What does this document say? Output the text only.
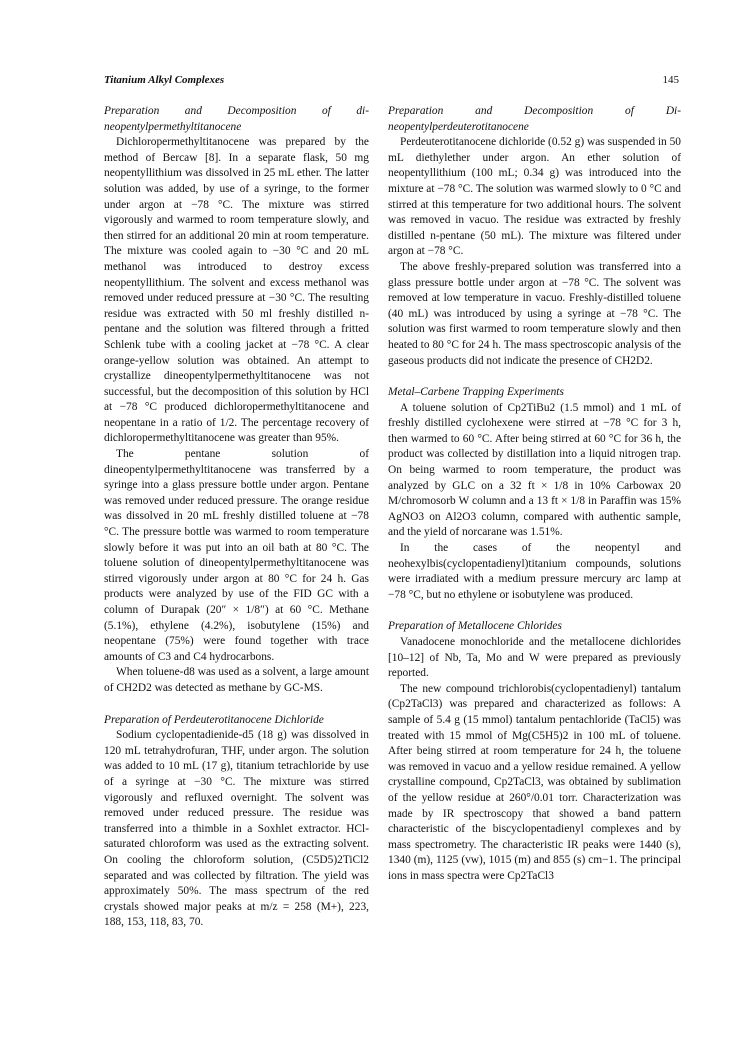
Titanium Alkyl Complexes	145

Preparation and Decomposition of di-neopentylpermethyltitanocene

Dichloropermethyltitanocene was prepared by the method of Bercaw [8]. In a separate flask, 50 mg neopentyllithium was dissolved in 25 mL ether. The latter solution was added, by use of a syringe, to the former under argon at −78 °C. The mixture was stirred vigorously and warmed to room temperature slowly, and then stirred for an additional 20 min at room temperature. The mixture was cooled again to −30 °C and 20 mL methanol was introduced to destroy excess neopentyllithium. The solvent and excess methanol was removed under reduced pressure at −30 °C. The resulting residue was extracted with 50 ml freshly distilled n-pentane and the solution was filtered through a fritted Schlenk tube with a cooling jacket at −78 °C. A clear orange-yellow solution was obtained. An attempt to crystallize dineopentylpermethyltitanocene was not successful, but the decomposition of this solution by HCl at −78 °C produced dichloropermethyltitanocene and neopentane in a ratio of 1/2. The percentage recovery of dichloropermethyltitanocene was greater than 95%.

The pentane solution of dineopentylpermethyltitanocene was transferred by a syringe into a glass pressure bottle under argon. Pentane was removed under reduced pressure. The orange residue was dissolved in 20 mL freshly distilled toluene at −78 °C. The pressure bottle was warmed to room temperature slowly before it was put into an oil bath at 80 °C. The toluene solution of dineopentylpermethyltitanocene was stirred vigorously under argon at 80 °C for 24 h. Gas products were analyzed by use of the FID GC with a column of Durapak (20″ × 1/8″) at 60 °C. Methane (5.1%), ethylene (4.2%), isobutylene (15%) and neopentane (75%) were found together with trace amounts of C3 and C4 hydrocarbons.

When toluene-d8 was used as a solvent, a large amount of CH2D2 was detected as methane by GC-MS.

Preparation of Perdeuterotitanocene Dichloride

Sodium cyclopentadienide-d5 (18 g) was dissolved in 120 mL tetrahydrofuran, THF, under argon. The solution was added to 10 mL (17 g), titanium tetrachloride by use of a syringe at −30 °C. The mixture was stirred vigorously and refluxed overnight. The solvent was removed under reduced pressure. The residue was transferred into a thimble in a Soxhlet extractor. HCl-saturated chloroform was used as the extracting solvent. On cooling the chloroform solution, (C5D5)2TiCl2 separated and was collected by filtration. The yield was approximately 50%. The mass spectrum of the red crystals showed major peaks at m/z = 258 (M+), 223, 188, 153, 118, 83, 70.

Preparation and Decomposition of Di-neopentylperdeuterotitanocene

Perdeuterotitanocene dichloride (0.52 g) was suspended in 50 mL diethylether under argon. An ether solution of neopentyllithium (100 mL; 0.34 g) was introduced into the mixture at −78 °C. The solution was warmed slowly to 0 °C and stirred at this temperature for two additional hours. The solvent was removed in vacuo. The residue was extracted by freshly distilled n-pentane (50 mL). The mixture was filtered under argon at −78 °C.

The above freshly-prepared solution was transferred into a glass pressure bottle under argon at −78 °C. The solvent was removed at low temperature in vacuo. Freshly-distilled toluene (40 mL) was introduced by using a syringe at −78 °C. The solution was first warmed to room temperature slowly and then heated to 80 °C for 24 h. The mass spectroscopic analysis of the gaseous products did not indicate the presence of CH2D2.

Metal–Carbene Trapping Experiments

A toluene solution of Cp2TiBu2 (1.5 mmol) and 1 mL of freshly distilled cyclohexene were stirred at −78 °C for 3 h, then warmed to 60 °C. After being stirred at 60 °C for 36 h, the product was collected by distillation into a liquid nitrogen trap. On being warmed to room temperature, the product was analyzed by GLC on a 32 ft × 1/8 in 10% Carbowax 20 M/chromosorb W column and a 13 ft × 1/8 in Paraffin was 15% AgNO3 on Al2O3 column, compared with authentic sample, and the yield of norcarane was 1.51%.

In the cases of the neopentyl and neohexylbis(cyclopentadienyl)titanium compounds, solutions were irradiated with a medium pressure mercury arc lamp at −78 °C, but no ethylene or isobutylene was produced.

Preparation of Metallocene Chlorides

Vanadocene monochloride and the metallocene dichlorides [10–12] of Nb, Ta, Mo and W were prepared as previously reported.

The new compound trichlorobis(cyclopentadienyl) tantalum (Cp2TaCl3) was prepared and characterized as follows: A sample of 5.4 g (15 mmol) tantalum pentachloride (TaCl5) was treated with 15 mmol of Mg(C5H5)2 in 100 mL of toluene. After being stirred at room temperature for 24 h, the toluene was removed in vacuo and a yellow residue remained. A yellow crystalline compound, Cp2TaCl3, was obtained by sublimation of the yellow residue at 260°/0.01 torr. Characterization was made by IR spectroscopy that showed a band pattern characteristic of the biscyclopentadienyl complexes and by mass spectrometry. The characteristic IR peaks were 1440 (s), 1340 (m), 1125 (vw), 1015 (m) and 855 (s) cm−1. The principal ions in mass spectra were Cp2TaCl3
